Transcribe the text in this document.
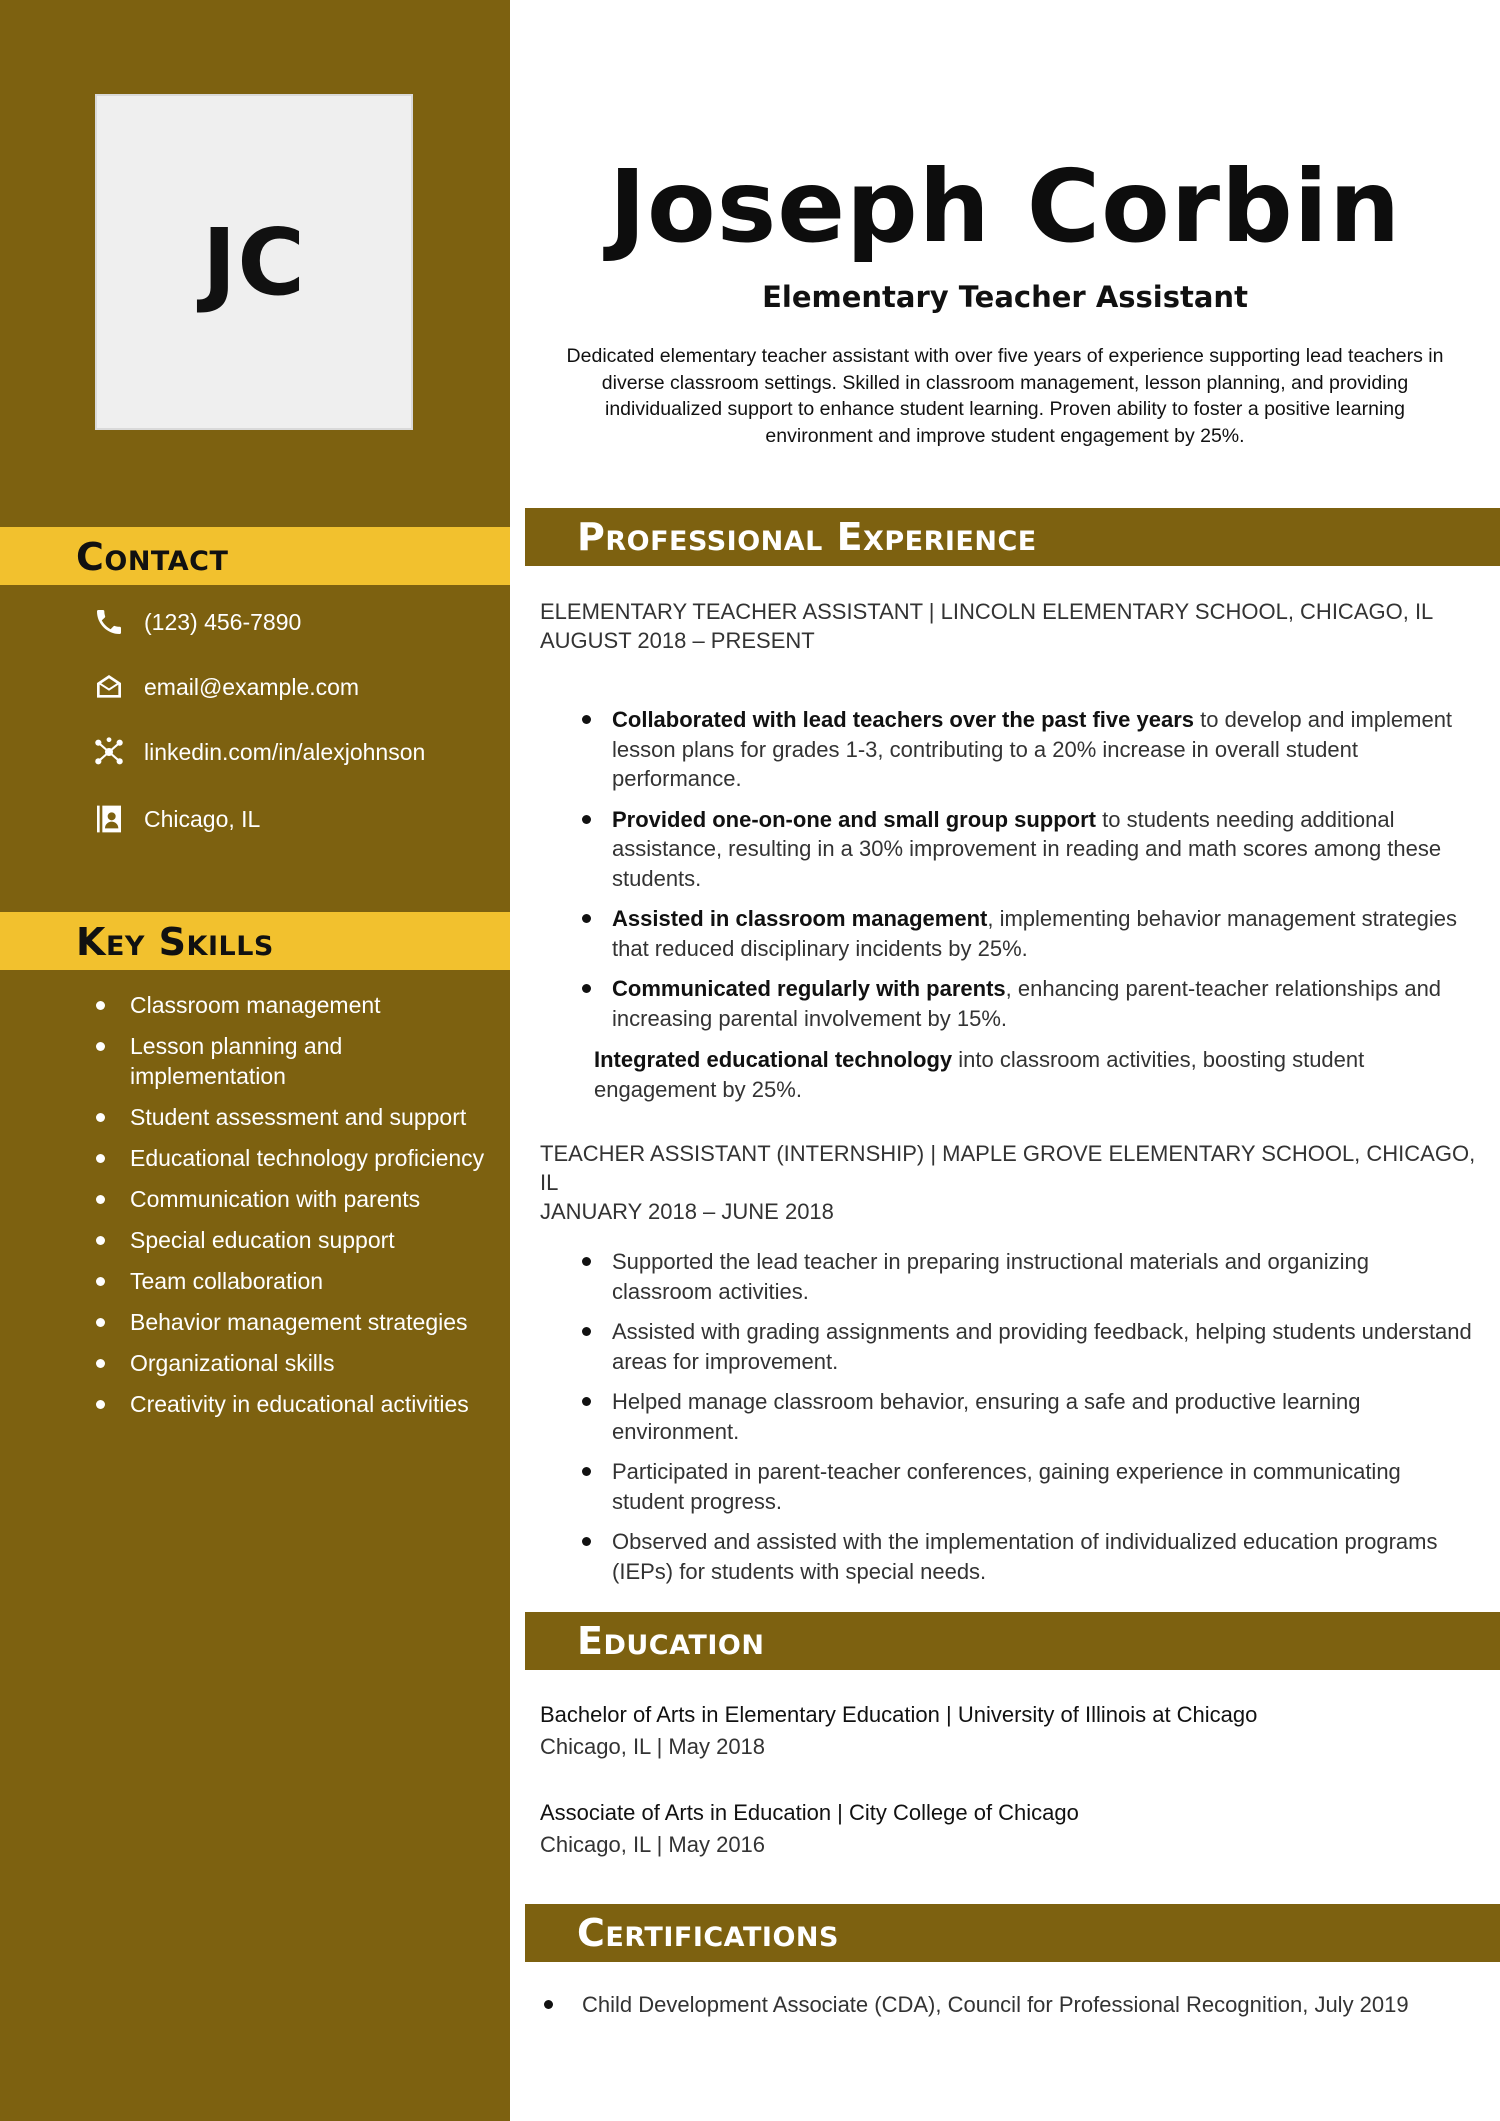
JC
Contact
(123) 456-7890
email@example.com
linkedin.com/in/alexjohnson
Chicago, IL
Key Skills
Classroom management
Lesson planning and implementation
Student assessment and support
Educational technology proficiency
Communication with parents
Special education support
Team collaboration
Behavior management strategies
Organizational skills
Creativity in educational activities
Joseph Corbin
Elementary Teacher Assistant

Dedicated elementary teacher assistant with over five years of experience supporting lead teachers in diverse classroom settings. Skilled in classroom management, lesson planning, and providing individualized support to enhance student learning. Proven ability to foster a positive learning environment and improve student engagement by 25%.

Professional Experience
ELEMENTARY TEACHER ASSISTANT | LINCOLN ELEMENTARY SCHOOL, CHICAGO, IL
AUGUST 2018 – PRESENT
Collaborated with lead teachers over the past five years to develop and implement lesson plans for grades 1-3, contributing to a 20% increase in overall student performance.
Provided one-on-one and small group support to students needing additional assistance, resulting in a 30% improvement in reading and math scores among these students.
Assisted in classroom management, implementing behavior management strategies that reduced disciplinary incidents by 25%.
Communicated regularly with parents, enhancing parent-teacher relationships and increasing parental involvement by 15%.
Integrated educational technology into classroom activities, boosting student engagement by 25%.
TEACHER ASSISTANT (INTERNSHIP) | MAPLE GROVE ELEMENTARY SCHOOL, CHICAGO, IL
JANUARY 2018 – JUNE 2018
Supported the lead teacher in preparing instructional materials and organizing classroom activities.
Assisted with grading assignments and providing feedback, helping students understand areas for improvement.
Helped manage classroom behavior, ensuring a safe and productive learning environment.
Participated in parent-teacher conferences, gaining experience in communicating student progress.
Observed and assisted with the implementation of individualized education programs (IEPs) for students with special needs.
Education
Bachelor of Arts in Elementary Education | University of Illinois at Chicago
Chicago, IL | May 2018
Associate of Arts in Education | City College of Chicago
Chicago, IL | May 2016
Certifications
Child Development Associate (CDA), Council for Professional Recognition, July 2019
